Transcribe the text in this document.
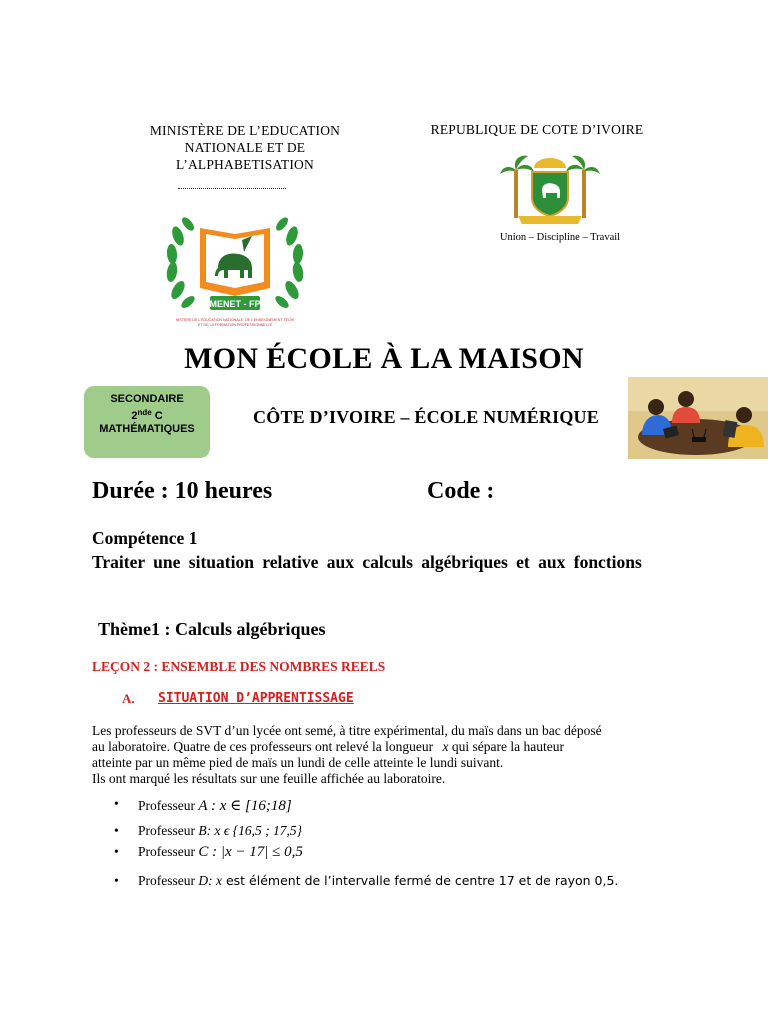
MINISTÈRE DE L’EDUCATION
NATIONALE ET DE
L’ALPHABETISATION
MENET - FP
NISTÈRE DE L'ÉDUCATION NATIONALE, DE L'ENSEIGNEMENT TECHI
ET DE LA FORMATION PROFESSIONNELLE
REPUBLIQUE DE COTE D’IVOIRE
Union – Discipline – Travail
MON ÉCOLE À LA MAISON
SECONDAIRE
2nde C
MATHÉMATIQUES
CÔTE D’IVOIRE – ÉCOLE NUMÉRIQUE
Durée : 10 heures	Code :
Compétence 1
Traiter une situation relative aux calculs algébriques et aux fonctions
Thème1 : Calculs algébriques
LEÇON 2 : ENSEMBLE DES NOMBRES REELS
A. SITUATION D’APPRENTISSAGE
Les professeurs de SVT d’un lycée ont semé, à titre expérimental, du maïs dans un bac déposé
au laboratoire. Quatre de ces professeurs ont relevé la longueur x qui sépare la hauteur
atteinte par un même pied de maïs un lundi de celle atteinte le lundi suivant.
Ils ont marqué les résultats sur une feuille affichée au laboratoire.
• Professeur A : x ∈ [16;18]
• Professeur B: x ϵ {16,5 ; 17,5}
• Professeur C : |x − 17| ≤ 0,5
• Professeur D: x est élément de l’intervalle fermé de centre 17 et de rayon 0,5.
